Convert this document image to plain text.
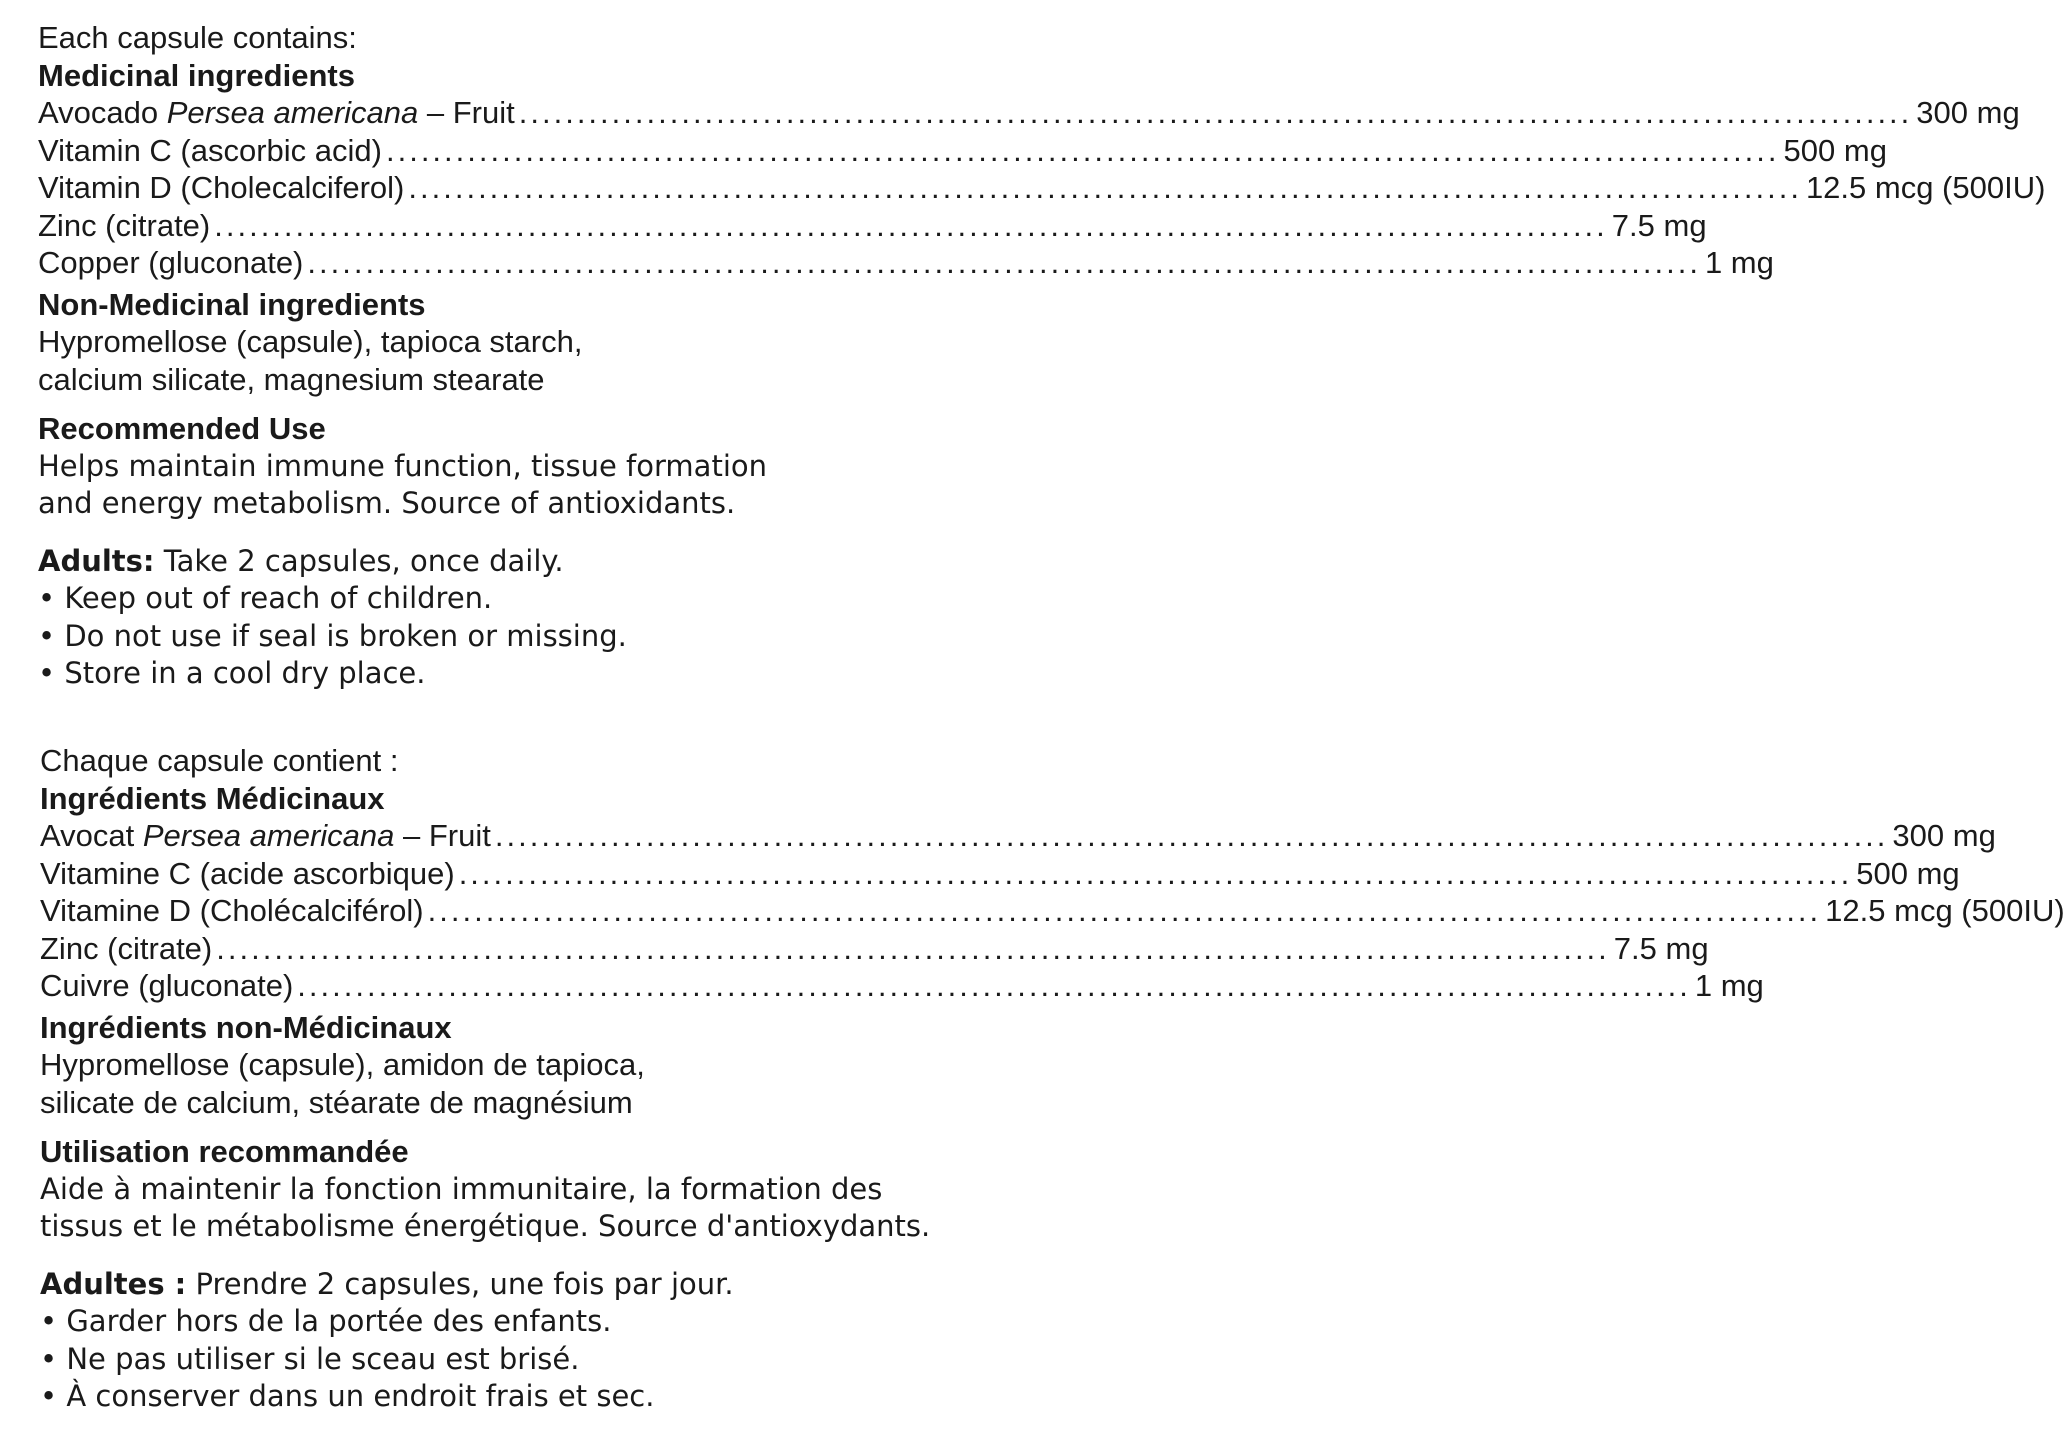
Each capsule contains:
Medicinal ingredients
Avocado Persea americana – Fruit ........................................................................................................................ 300 mg
Vitamin C (ascorbic acid) ........................................................................................................................ 500 mg
Vitamin D (Cholecalciferol) ........................................................................................................................ 12.5 mcg (500IU)
Zinc (citrate) ........................................................................................................................ 7.5 mg
Copper (gluconate) ........................................................................................................................ 1 mg
Non-Medicinal ingredients
Hypromellose (capsule), tapioca starch,
calcium silicate, magnesium stearate
Recommended Use
Helps maintain immune function, tissue formation
and energy metabolism. Source of antioxidants.
Adults: Take 2 capsules, once daily.
• Keep out of reach of children.
• Do not use if seal is broken or missing.
• Store in a cool dry place.
Chaque capsule contient :
Ingrédients Médicinaux
Avocat Persea americana – Fruit ........................................................................................................................ 300 mg
Vitamine C (acide ascorbique) ........................................................................................................................ 500 mg
Vitamine D (Cholécalciférol) ........................................................................................................................ 12.5 mcg (500IU)
Zinc (citrate) ........................................................................................................................ 7.5 mg
Cuivre (gluconate) ........................................................................................................................ 1 mg
Ingrédients non-Médicinaux
Hypromellose (capsule), amidon de tapioca,
silicate de calcium, stéarate de magnésium
Utilisation recommandée
Aide à maintenir la fonction immunitaire, la formation des
tissus et le métabolisme énergétique. Source d'antioxydants.
Adultes : Prendre 2 capsules, une fois par jour.
• Garder hors de la portée des enfants.
• Ne pas utiliser si le sceau est brisé.
• À conserver dans un endroit frais et sec.
